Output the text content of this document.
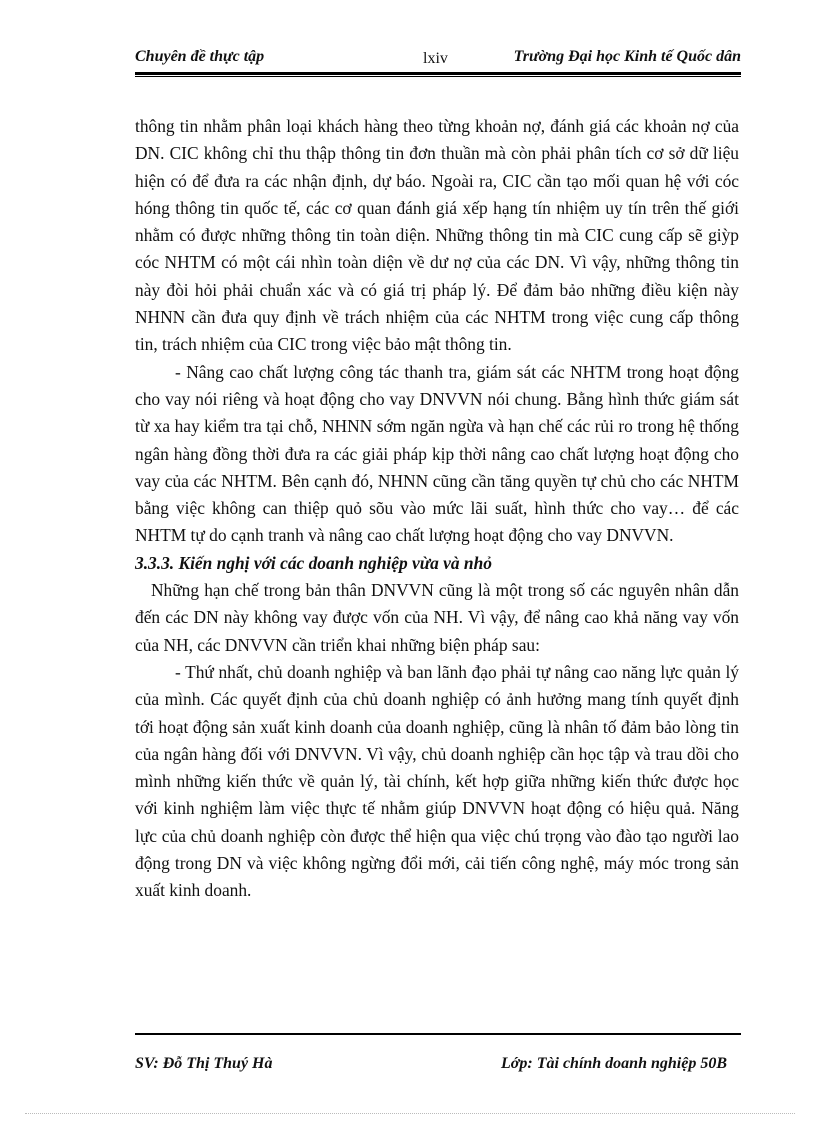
Chuyên đề thực tập	lxiv	Trường Đại học Kinh tế Quốc dân

thông tin nhằm phân loại khách hàng theo từng khoản nợ, đánh giá các khoản nợ của DN. CIC không chỉ thu thập thông tin đơn thuần mà còn phải phân tích cơ sở dữ liệu hiện có để đưa ra các nhận định, dự báo. Ngoài ra, CIC cần tạo mối quan hệ với cóc hóng thông tin quốc tế, các cơ quan đánh giá xếp hạng tín nhiệm uy tín trên thế giới nhằm có được những thông tin toàn diện. Những thông tin mà CIC cung cấp sẽ giỳp cóc NHTM có một cái nhìn toàn diện về dư nợ của các DN. Vì vậy, những thông tin này đòi hỏi phải chuẩn xác và có giá trị pháp lý. Để đảm bảo những điều kiện này NHNN cần đưa quy định về trách nhiệm của các NHTM trong việc cung cấp thông tin, trách nhiệm của CIC trong việc bảo mật thông tin.

- Nâng cao chất lượng công tác thanh tra, giám sát các NHTM trong hoạt động cho vay nói riêng và hoạt động cho vay DNVVN nói chung. Bằng hình thức giám sát từ xa hay kiểm tra tại chỗ, NHNN sớm ngăn ngừa và hạn chế các rủi ro trong hệ thống ngân hàng đồng thời đưa ra các giải pháp kịp thời nâng cao chất lượng hoạt động cho vay của các NHTM. Bên cạnh đó, NHNN cũng cần tăng quyền tự chủ cho các NHTM bằng việc không can thiệp quỏ sõu vào mức lãi suất, hình thức cho vay… để các NHTM tự do cạnh tranh và nâng cao chất lượng hoạt động cho vay DNVVN.

3.3.3. Kiến nghị với các doanh nghiệp vừa và nhỏ

Những hạn chế trong bản thân DNVVN cũng là một trong số các nguyên nhân dẫn đến các DN này không vay được vốn của NH. Vì vậy, để nâng cao khả năng vay vốn của NH, các DNVVN cần triển khai những biện pháp sau:

- Thứ nhất, chủ doanh nghiệp và ban lãnh đạo phải tự nâng cao năng lực quản lý của mình. Các quyết định của chủ doanh nghiệp có ảnh hưởng mang tính quyết định tới hoạt động sản xuất kinh doanh của doanh nghiệp, cũng là nhân tố đảm bảo lòng tin của ngân hàng đối với DNVVN. Vì vậy, chủ doanh nghiệp cần học tập và trau dồi cho mình những kiến thức về quản lý, tài chính, kết hợp giữa những kiến thức được học với kinh nghiệm làm việc thực tế nhằm giúp DNVVN hoạt động có hiệu quả. Năng lực của chủ doanh nghiệp còn được thể hiện qua việc chú trọng vào đào tạo người lao động trong DN và việc không ngừng đổi mới, cải tiến công nghệ, máy móc trong sản xuất kinh doanh.

SV: Đỗ Thị Thuý Hà	Lớp: Tài chính doanh nghiệp 50B
